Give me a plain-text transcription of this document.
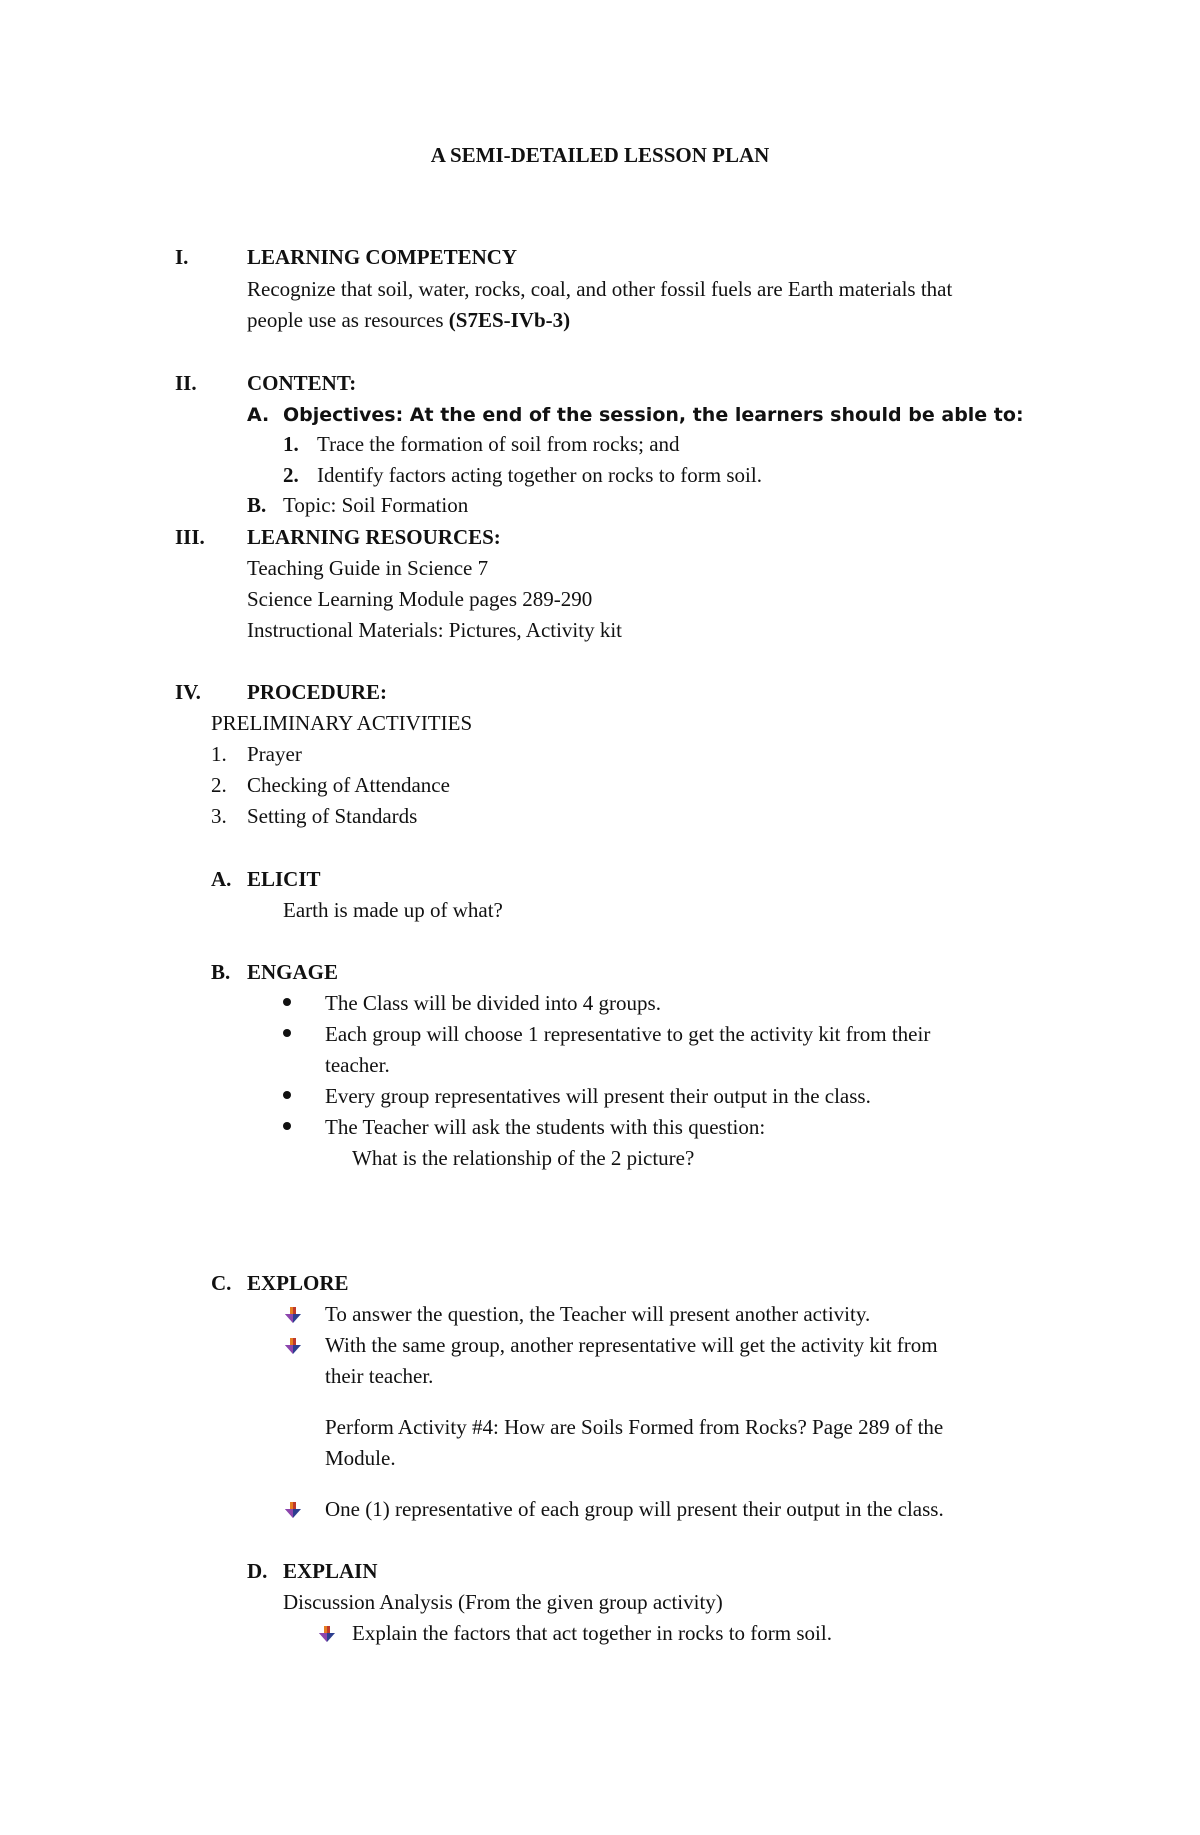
A SEMI-DETAILED LESSON PLAN
I.	LEARNING COMPETENCY
Recognize that soil, water, rocks, coal, and other fossil fuels are Earth materials that
people use as resources (S7ES-IVb-3)
II. CONTENT:
A. Objectives: At the end of the session, the learners should be able to:
1. Trace the formation of soil from rocks; and
2. Identify factors acting together on rocks to form soil.
B. Topic: Soil Formation
III. LEARNING RESOURCES:
Teaching Guide in Science 7
Science Learning Module pages 289-290
Instructional Materials: Pictures, Activity kit
IV. PROCEDURE:
PRELIMINARY ACTIVITIES
1. Prayer
2. Checking of Attendance
3. Setting of Standards
A. ELICIT
Earth is made up of what?
B. ENGAGE
The Class will be divided into 4 groups.
Each group will choose 1 representative to get the activity kit from their
teacher.
Every group representatives will present their output in the class.
The Teacher will ask the students with this question:
What is the relationship of the 2 picture?
C. EXPLORE
To answer the question, the Teacher will present another activity.
With the same group, another representative will get the activity kit from
their teacher.
Perform Activity #4: How are Soils Formed from Rocks? Page 289 of the
Module.
One (1) representative of each group will present their output in the class.
D. EXPLAIN
Discussion Analysis (From the given group activity)
Explain the factors that act together in rocks to form soil.
